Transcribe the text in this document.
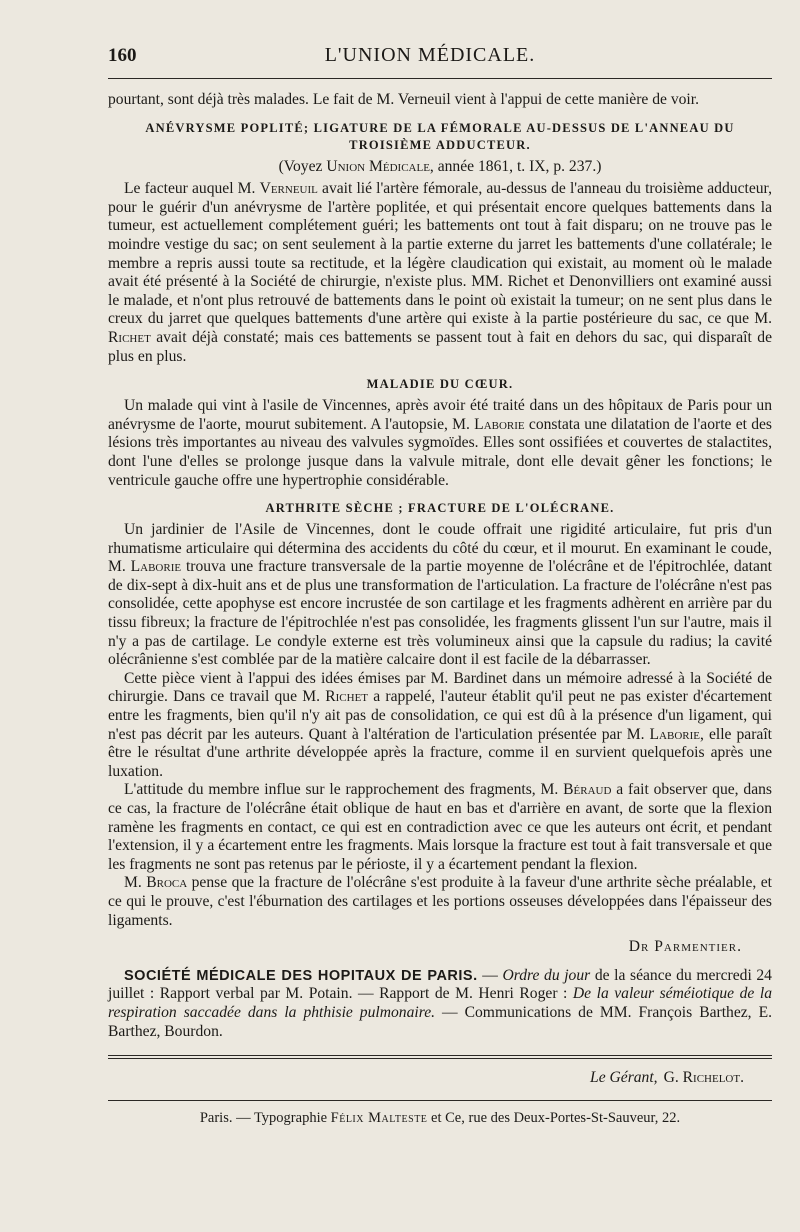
160	L'UNION MÉDICALE.

pourtant, sont déjà très malades. Le fait de M. Verneuil vient à l'appui de cette manière de voir.

ANÉVRYSME POPLITÉ; LIGATURE DE LA FÉMORALE AU-DESSUS DE L'ANNEAU DU TROISIÈME ADDUCTEUR.
(Voyez Union Médicale, année 1861, t. IX, p. 237.)

Le facteur auquel M. Verneuil avait lié l'artère fémorale, au-dessus de l'anneau du troisième adducteur, pour le guérir d'un anévrysme de l'artère poplitée, et qui présentait encore quelques battements dans la tumeur, est actuellement complétement guéri; les battements ont tout à fait disparu; on ne trouve pas le moindre vestige du sac; on sent seulement à la partie externe du jarret les battements d'une collatérale; le membre a repris aussi toute sa rectitude, et la légère claudication qui existait, au moment où le malade avait été présenté à la Société de chirurgie, n'existe plus. MM. Richet et Denonvilliers ont examiné aussi le malade, et n'ont plus retrouvé de battements dans le point où existait la tumeur; on ne sent plus dans le creux du jarret que quelques battements d'une artère qui existe à la partie postérieure du sac, ce que M. Richet avait déjà constaté; mais ces battements se passent tout à fait en dehors du sac, qui disparaît de plus en plus.

MALADIE DU CŒUR.

Un malade qui vint à l'asile de Vincennes, après avoir été traité dans un des hôpitaux de Paris pour un anévrysme de l'aorte, mourut subitement. A l'autopsie, M. Laborie constata une dilatation de l'aorte et des lésions très importantes au niveau des valvules sygmoïdes. Elles sont ossifiées et couvertes de stalactites, dont l'une d'elles se prolonge jusque dans la valvule mitrale, dont elle devait gêner les fonctions; le ventricule gauche offre une hypertrophie considérable.

ARTHRITE SÈCHE ; FRACTURE DE L'OLÉCRANE.

Un jardinier de l'Asile de Vincennes, dont le coude offrait une rigidité articulaire, fut pris d'un rhumatisme articulaire qui détermina des accidents du côté du cœur, et il mourut. En examinant le coude, M. Laborie trouva une fracture transversale de la partie moyenne de l'olécrâne et de l'épitrochlée, datant de dix-sept à dix-huit ans et de plus une transformation de l'articulation. La fracture de l'olécrâne n'est pas consolidée, cette apophyse est encore incrustée de son cartilage et les fragments adhèrent en arrière par du tissu fibreux; la fracture de l'épitrochlée n'est pas consolidée, les fragments glissent l'un sur l'autre, mais il n'y a pas de cartilage. Le condyle externe est très volumineux ainsi que la capsule du radius; la cavité olécrânienne s'est comblée par de la matière calcaire dont il est facile de la débarrasser.

Cette pièce vient à l'appui des idées émises par M. Bardinet dans un mémoire adressé à la Société de chirurgie. Dans ce travail que M. Richet a rappelé, l'auteur établit qu'il peut ne pas exister d'écartement entre les fragments, bien qu'il n'y ait pas de consolidation, ce qui est dû à la présence d'un ligament, qui n'est pas décrit par les auteurs. Quant à l'altération de l'articulation présentée par M. Laborie, elle paraît être le résultat d'une arthrite développée après la fracture, comme il en survient quelquefois après une luxation.

L'attitude du membre influe sur le rapprochement des fragments, M. Béraud a fait observer que, dans ce cas, la fracture de l'olécrâne était oblique de haut en bas et d'arrière en avant, de sorte que la flexion ramène les fragments en contact, ce qui est en contradiction avec ce que les auteurs ont écrit, et pendant l'extension, il y a écartement entre les fragments. Mais lorsque la fracture est tout à fait transversale et que les fragments ne sont pas retenus par le périoste, il y a écartement pendant la flexion.

M. Broca pense que la fracture de l'olécrâne s'est produite à la faveur d'une arthrite sèche préalable, et ce qui le prouve, c'est l'éburnation des cartilages et les portions osseuses développées dans l'épaisseur des ligaments.

Dr Parmentier.

SOCIÉTÉ MÉDICALE DES HOPITAUX DE PARIS. — Ordre du jour de la séance du mercredi 24 juillet : Rapport verbal par M. Potain. — Rapport de M. Henri Roger : De la valeur séméiotique de la respiration saccadée dans la phthisie pulmonaire. — Communications de MM. François Barthez, E. Barthez, Bourdon.

Le Gérant, G. Richelot.
Paris. — Typographie Félix Malteste et Ce, rue des Deux-Portes-St-Sauveur, 22.
